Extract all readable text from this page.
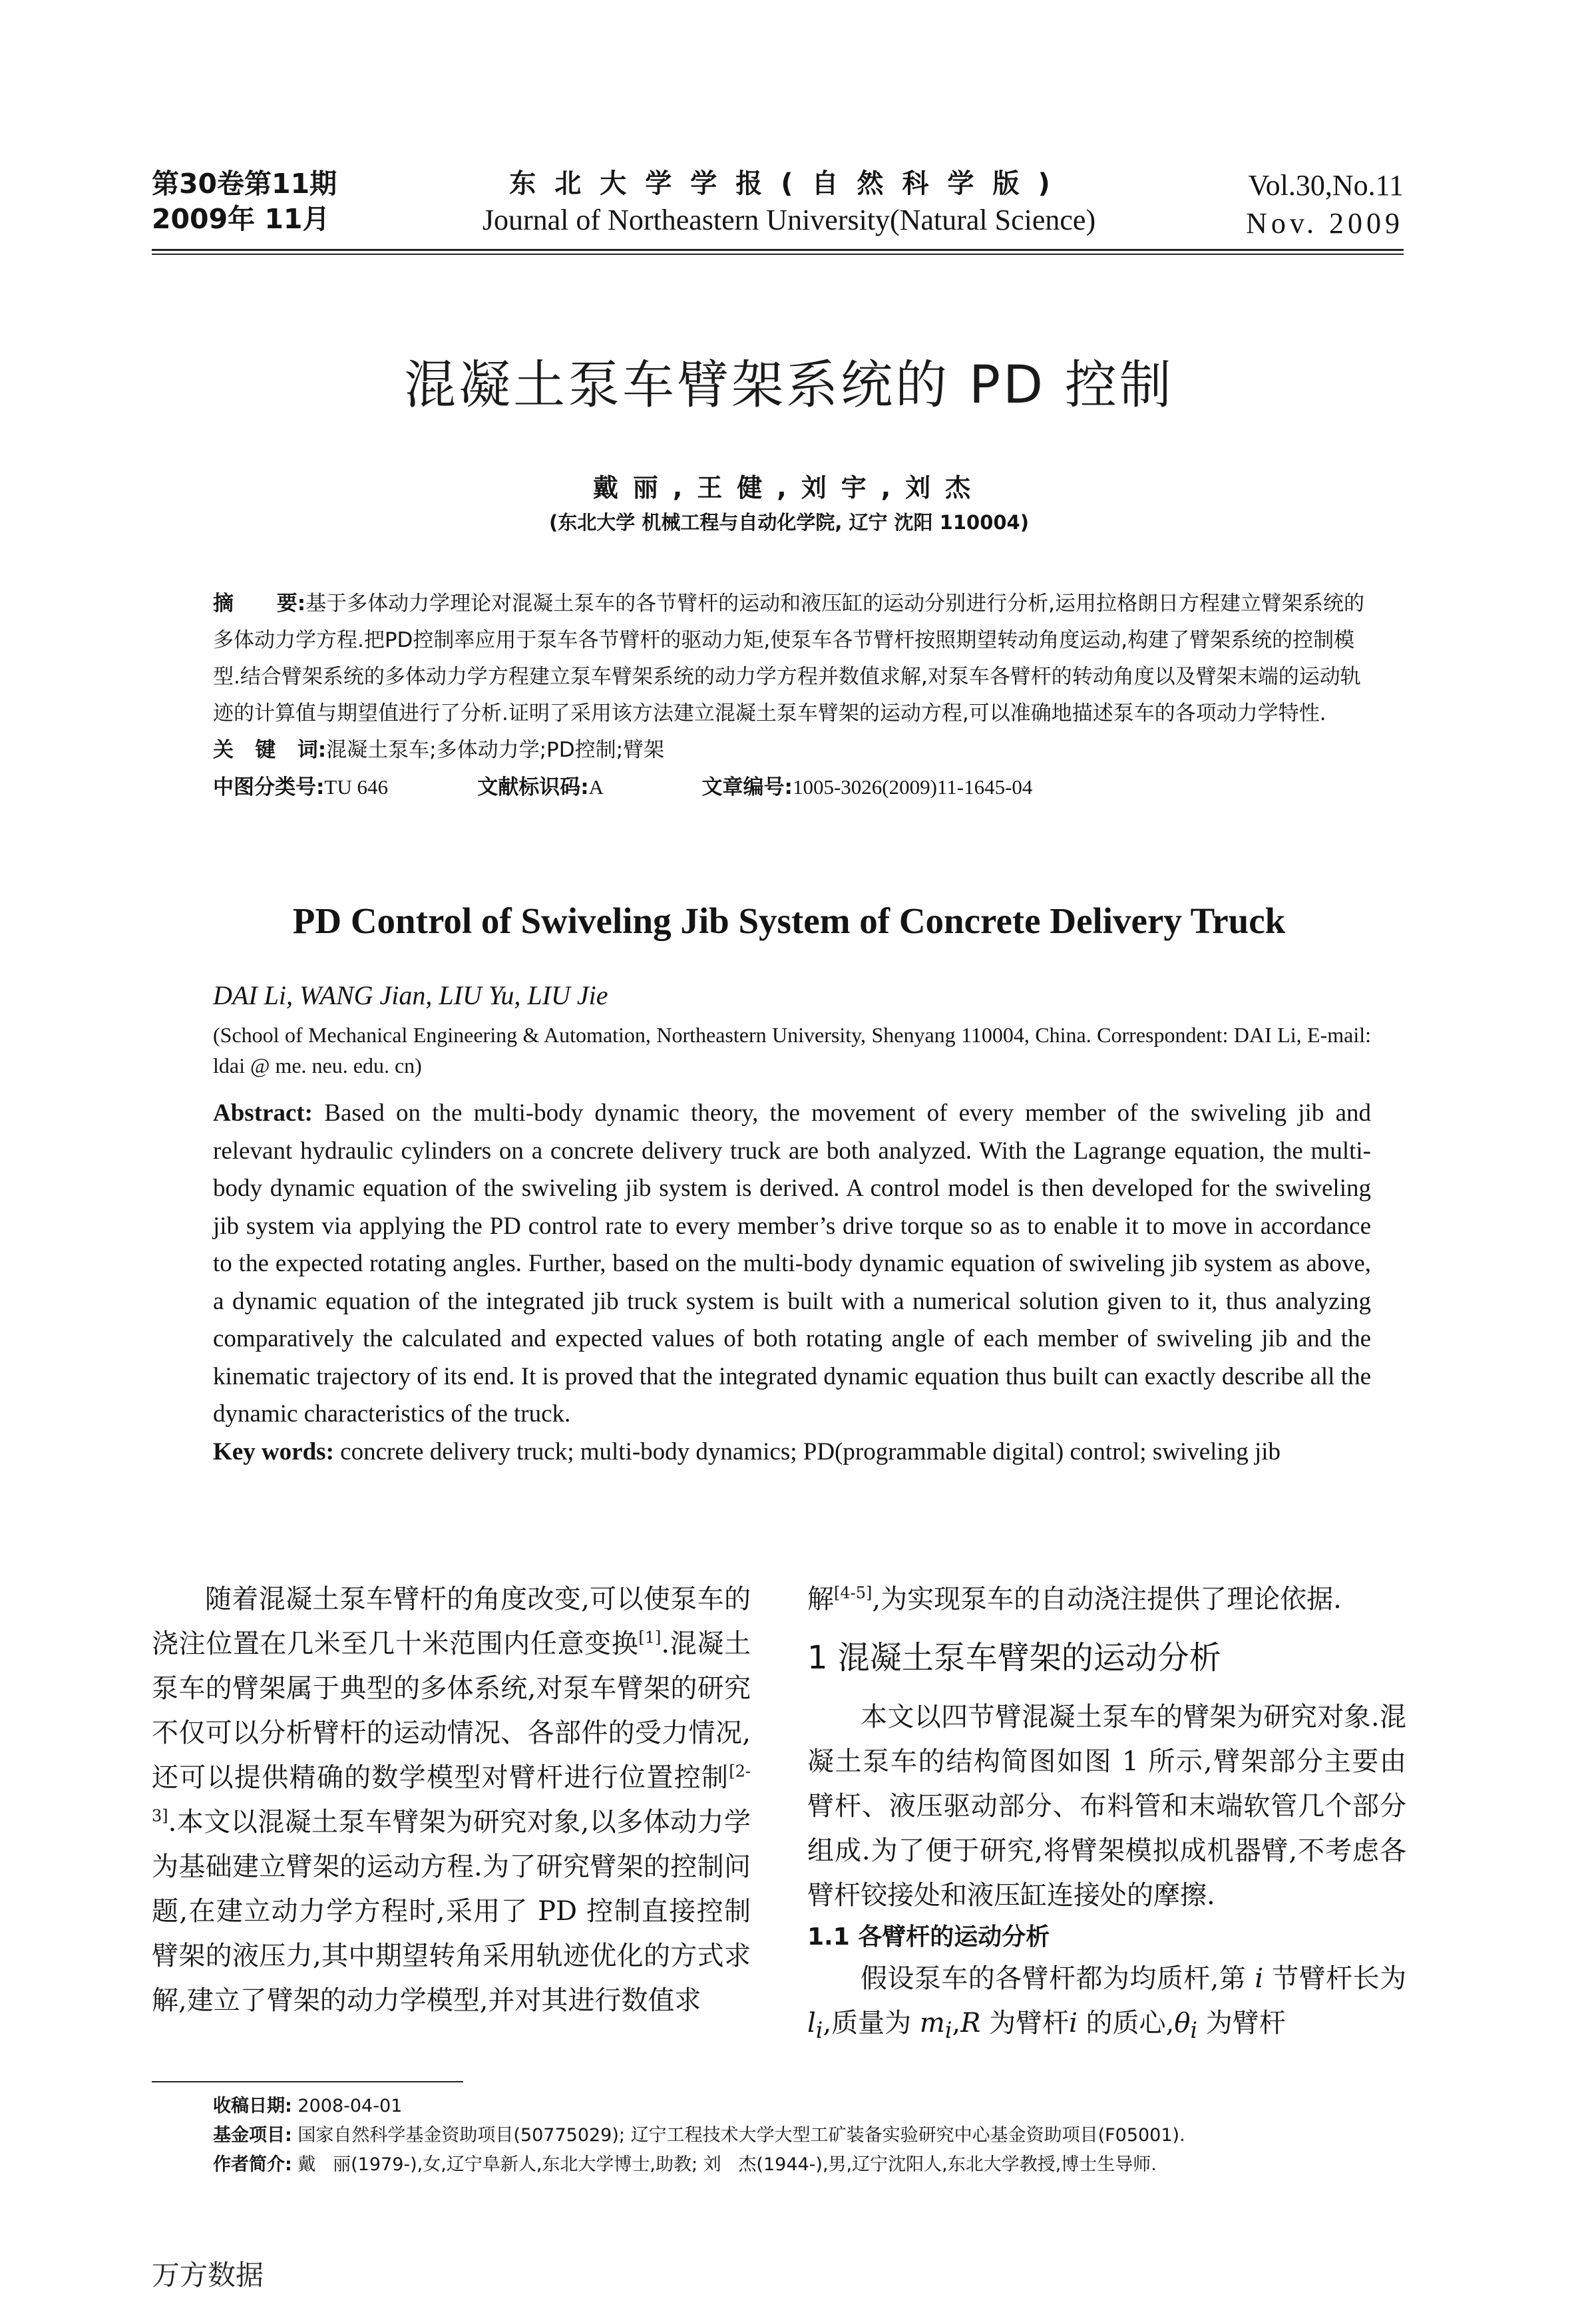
第30卷第11期
2009年 11月
东北大学学报(自然科学版)
Journal of Northeastern University(Natural Science)
Vol.30,No.11
Nov. 2009
混凝土泵车臂架系统的 PD 控制
戴丽,王健,刘宇,刘杰
(东北大学 机械工程与自动化学院, 辽宁 沈阳 110004)

摘      要:基于多体动力学理论对混凝土泵车的各节臂杆的运动和液压缸的运动分别进行分析,运用拉格朗日方程建立臂架系统的多体动力学方程.把PD控制率应用于泵车各节臂杆的驱动力矩,使泵车各节臂杆按照期望转动角度运动,构建了臂架系统的控制模型.结合臂架系统的多体动力学方程建立泵车臂架系统的动力学方程并数值求解,对泵车各臂杆的转动角度以及臂架末端的运动轨迹的计算值与期望值进行了分析.证明了采用该方法建立混凝土泵车臂架的运动方程,可以准确地描述泵车的各项动力学特性.

关   键   词:混凝土泵车;多体动力学;PD控制;臂架

中图分类号:TU 646	文献标识码:A	文章编号:1005-3026(2009)11-1645-04

PD Control of Swiveling Jib System of Concrete Delivery Truck
DAI Li, WANG Jian, LIU Yu, LIU Jie
(School of Mechanical Engineering & Automation, Northeastern University, Shenyang 110004, China. Correspondent: DAI Li, E-mail: ldai @ me. neu. edu. cn)

Abstract: Based on the multi-body dynamic theory, the movement of every member of the swiveling jib and relevant hydraulic cylinders on a concrete delivery truck are both analyzed. With the Lagrange equation, the multi-body dynamic equation of the swiveling jib system is derived. A control model is then developed for the swiveling jib system via applying the PD control rate to every member’s drive torque so as to enable it to move in accordance to the expected rotating angles. Further, based on the multi-body dynamic equation of swiveling jib system as above, a dynamic equation of the integrated jib truck system is built with a numerical solution given to it, thus analyzing comparatively the calculated and expected values of both rotating angle of each member of swiveling jib and the kinematic trajectory of its end. It is proved that the integrated dynamic equation thus built can exactly describe all the dynamic characteristics of the truck.

Key words: concrete delivery truck; multi-body dynamics; PD(programmable digital) control; swiveling jib

随着混凝土泵车臂杆的角度改变,可以使泵车的浇注位置在几米至几十米范围内任意变换[1].混凝土泵车的臂架属于典型的多体系统,对泵车臂架的研究不仅可以分析臂杆的运动情况、各部件的受力情况,还可以提供精确的数学模型对臂杆进行位置控制[2-3].本文以混凝土泵车臂架为研究对象,以多体动力学为基础建立臂架的运动方程.为了研究臂架的控制问题,在建立动力学方程时,采用了 PD 控制直接控制臂架的液压力,其中期望转角采用轨迹优化的方式求解,建立了臂架的动力学模型,并对其进行数值求

解[4-5],为实现泵车的自动浇注提供了理论依据.

1 混凝土泵车臂架的运动分析

本文以四节臂混凝土泵车的臂架为研究对象.混凝土泵车的结构简图如图 1 所示,臂架部分主要由臂杆、液压驱动部分、布料管和末端软管几个部分组成.为了便于研究,将臂架模拟成机器臂,不考虑各臂杆铰接处和液压缸连接处的摩擦.

1.1 各臂杆的运动分析

假设泵车的各臂杆都为均质杆,第 i 节臂杆长为$l_i$,质量为 $m_i,R$ 为臂杆i 的质心$,\theta_i$ 为臂杆

收稿日期: 2008-04-01

基金项目: 国家自然科学基金资助项目(50775029); 辽宁工程技术大学大型工矿装备实验研究中心基金资助项目(F05001).

作者简介: 戴   丽(1979-),女,辽宁阜新人,东北大学博士,助教; 刘   杰(1944-),男,辽宁沈阳人,东北大学教授,博士生导师.

万方数据
